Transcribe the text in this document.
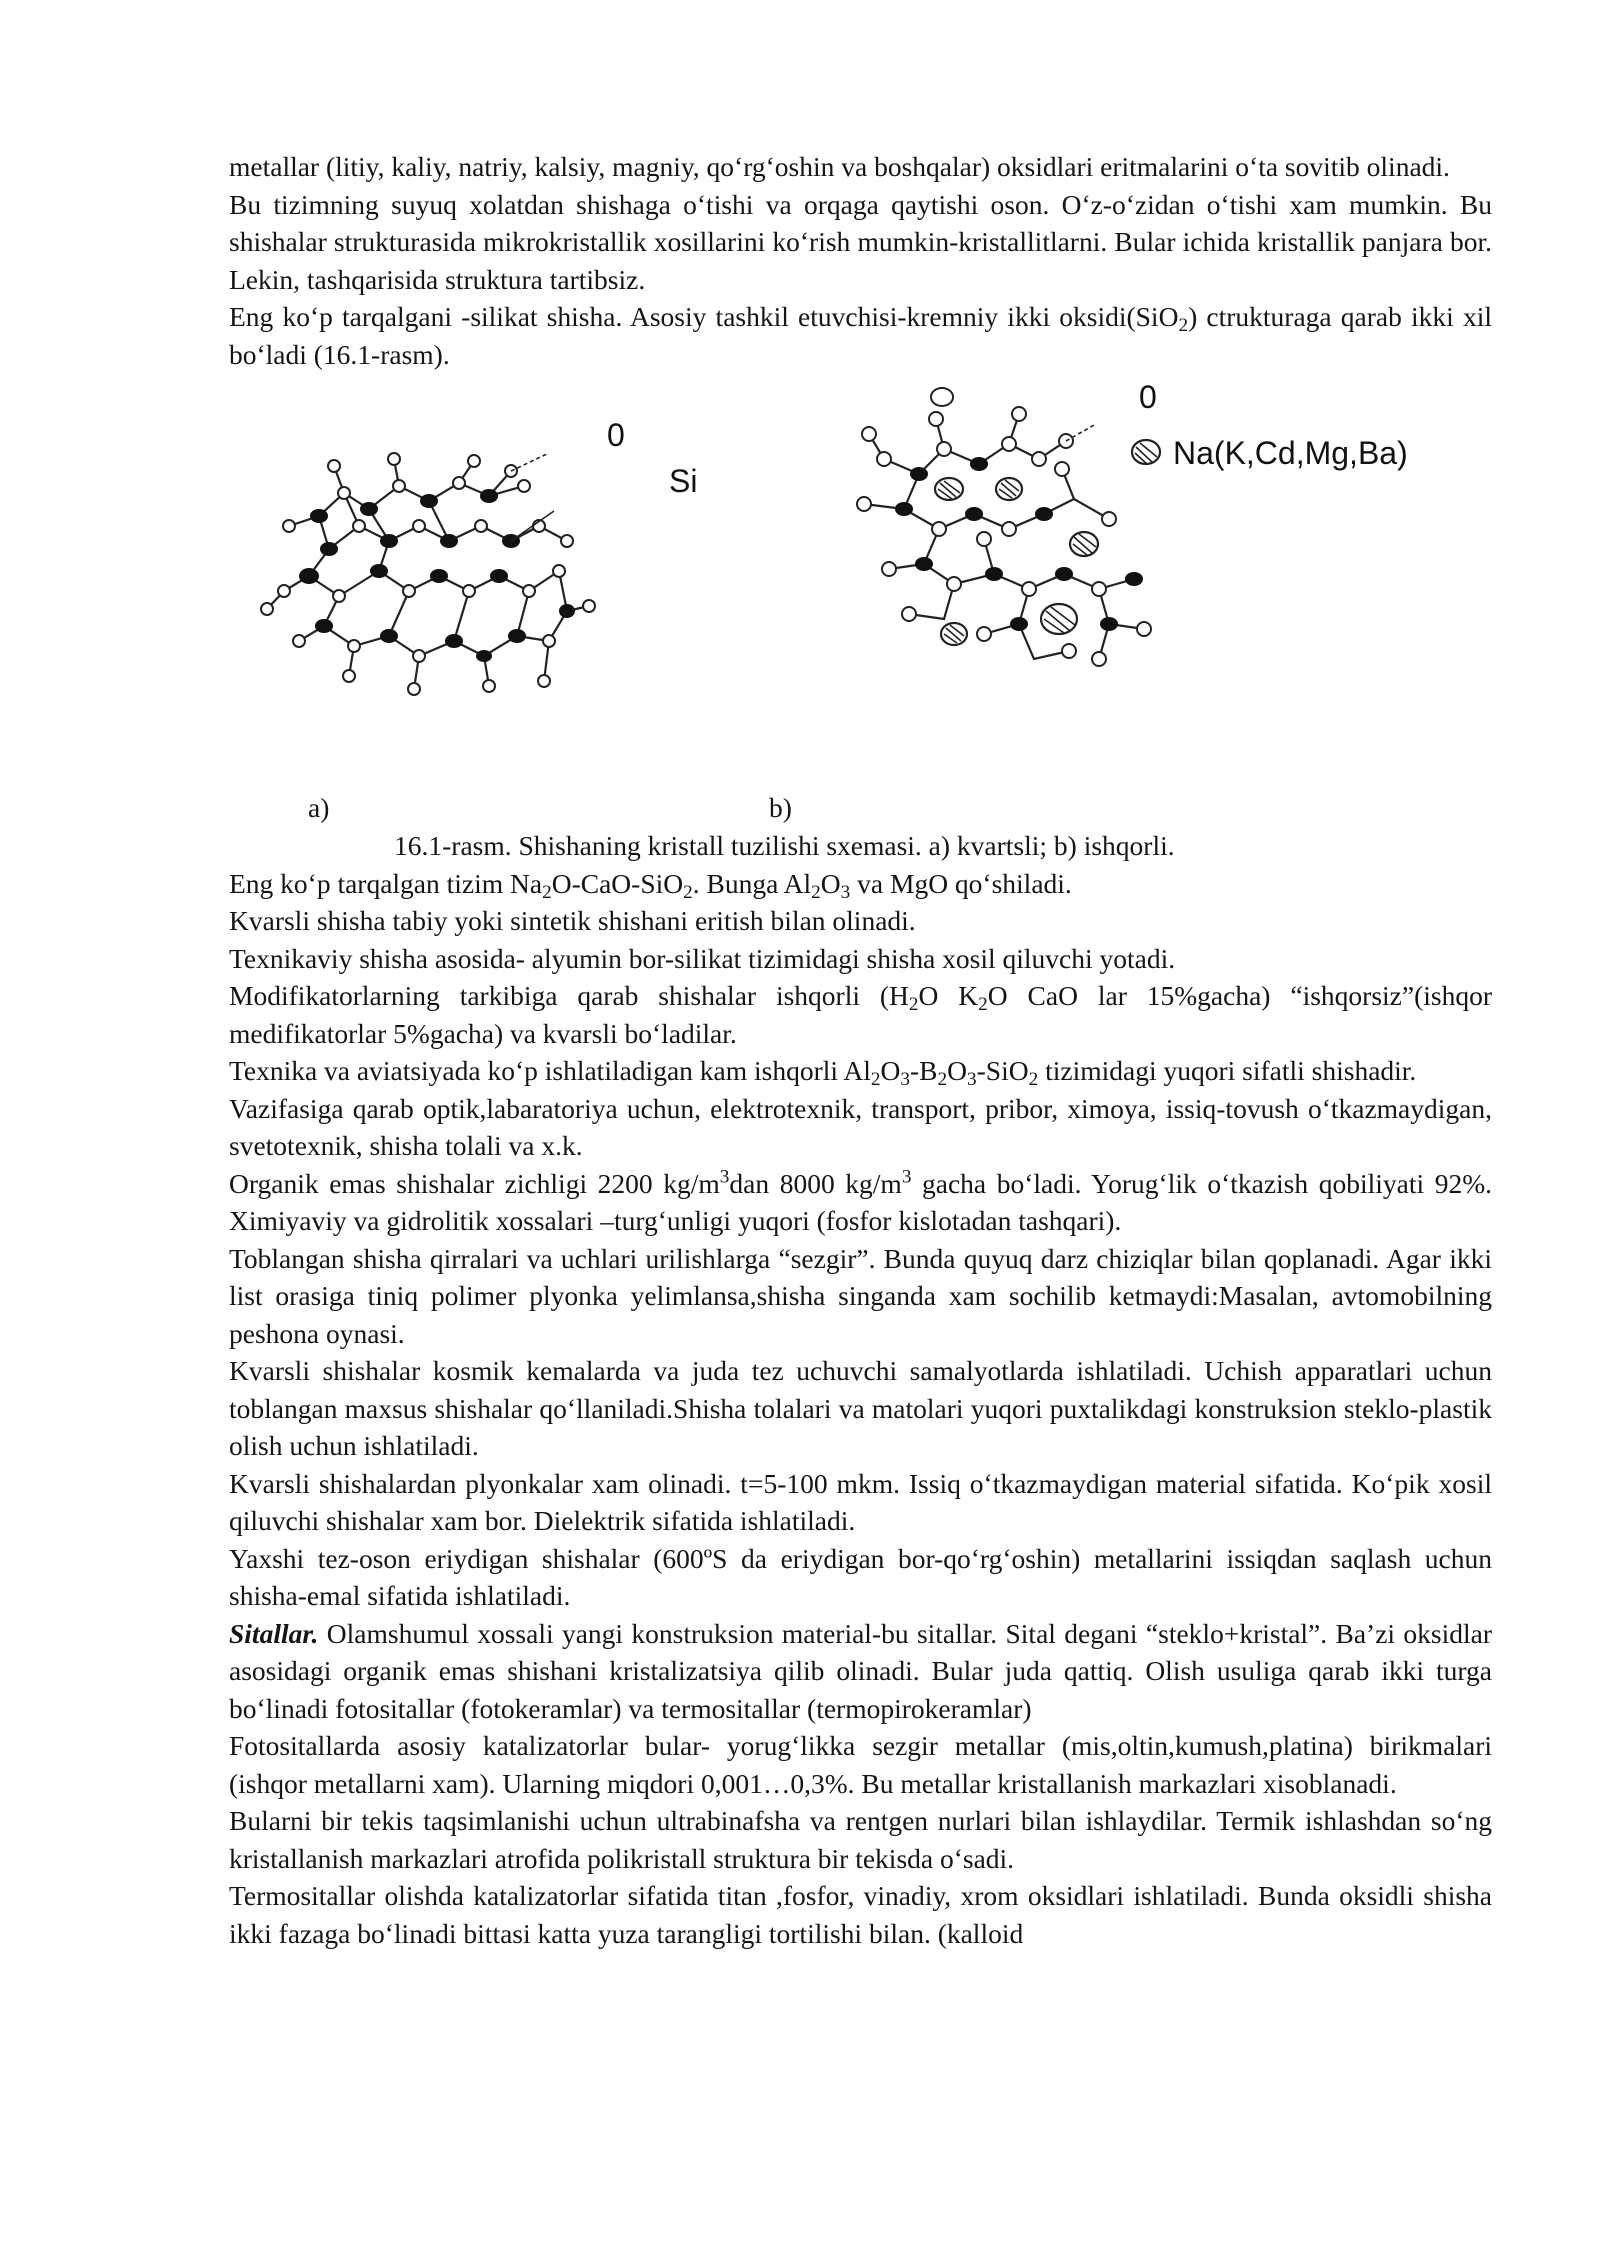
metallar (litiy, kaliy, natriy, kalsiy, magniy, qo‘rg‘oshin va boshqalar) oksidlari eritmalarini o‘ta sovitib olinadi.

Bu tizimning suyuq xolatdan shishaga o‘tishi va orqaga qaytishi oson. O‘z-o‘zidan o‘tishi xam mumkin. Bu shishalar strukturasida mikrokristallik xosillarini ko‘rish mumkin-kristallitlarni. Bular ichida kristallik panjara bor. Lekin, tashqarisida struktura tartibsiz.

Eng ko‘p tarqalgani -silikat shisha. Asosiy tashkil etuvchisi-kremniy ikki oksidi(SiO$_2$) ctrukturaga qarab ikki xil bo‘ladi (16.1-rasm).

0
Si
0
Na(K,Cd,Mg,Ba)
a)	b)

16.1-rasm. Shishaning kristall tuzilishi sxemasi. a) kvartsli; b) ishqorli.

Eng ko‘p tarqalgan tizim $Na_2O-CaO-SiO_2$. Bunga $Al_2O_3$ va MgO qo‘shiladi.

Kvarsli shisha tabiy yoki sintetik shishani eritish bilan olinadi.

Texnikaviy shisha asosida- alyumin bor-silikat tizimidagi shisha xosil qiluvchi yotadi.

Modifikatorlarning tarkibiga qarab shishalar ishqorli ($H_2O$ $K_2O$ CaO lar 15%gacha) “ishqorsiz”(ishqor medifikatorlar 5%gacha) va kvarsli bo‘ladilar.

Texnika va aviatsiyada ko‘p ishlatiladigan kam ishqorli $Al_2O_3-B_2O_3-SiO_2$ tizimidagi yuqori sifatli shishadir.

Vazifasiga qarab optik,labaratoriya uchun, elektrotexnik, transport, pribor, ximoya, issiq-tovush o‘tkazmaydigan, svetotexnik, shisha tolali va x.k.

Organik emas shishalar zichligi 2200 $kg/m^3dan$ 8000 $kg/m^3$ gacha bo‘ladi. Yorug‘lik o‘tkazish qobiliyati 92%. Ximiyaviy va gidrolitik xossalari –turg‘unligi yuqori (fosfor kislotadan tashqari).

Toblangan shisha qirralari va uchlari urilishlarga “sezgir”. Bunda quyuq darz chiziqlar bilan qoplanadi. Agar ikki list orasiga tiniq polimer plyonka yelimlansa,shisha singanda xam sochilib ketmaydi:Masalan, avtomobilning peshona oynasi.

Kvarsli shishalar kosmik kemalarda va juda tez uchuvchi samalyotlarda ishlatiladi. Uchish apparatlari uchun toblangan maxsus shishalar qo‘llaniladi.Shisha tolalari va matolari yuqori puxtalikdagi konstruksion steklo-plastik olish uchun ishlatiladi.

Kvarsli shishalardan plyonkalar xam olinadi. t=5-100 mkm. Issiq o‘tkazmaydigan material sifatida. Ko‘pik xosil qiluvchi shishalar xam bor. Dielektrik sifatida ishlatiladi.

Yaxshi tez-oson eriydigan shishalar (600ºS da eriydigan bor-qo‘rg‘oshin) metallarini issiqdan saqlash uchun shisha-emal sifatida ishlatiladi.

Sitallar. Olamshumul xossali yangi konstruksion material-bu sitallar. Sital degani “steklo+kristal”. Ba’zi oksidlar asosidagi organik emas shishani kristalizatsiya qilib olinadi. Bular juda qattiq. Olish usuliga qarab ikki turga bo‘linadi fotositallar (fotokeramlar) va termositallar (termopirokeramlar)

Fotositallarda asosiy katalizatorlar bular- yorug‘likka sezgir metallar (mis,oltin,kumush,platina) birikmalari (ishqor metallarni xam). Ularning miqdori 0,001…0,3%. Bu metallar kristallanish markazlari xisoblanadi.

Bularni bir tekis taqsimlanishi uchun ultrabinafsha va rentgen nurlari bilan ishlaydilar. Termik ishlashdan so‘ng kristallanish markazlari atrofida polikristall struktura bir tekisda o‘sadi.

Termositallar olishda katalizatorlar sifatida titan ,fosfor, vinadiy, xrom oksidlari ishlatiladi. Bunda oksidli shisha ikki fazaga bo‘linadi bittasi katta yuza tarangligi tortilishi bilan. (kalloid
